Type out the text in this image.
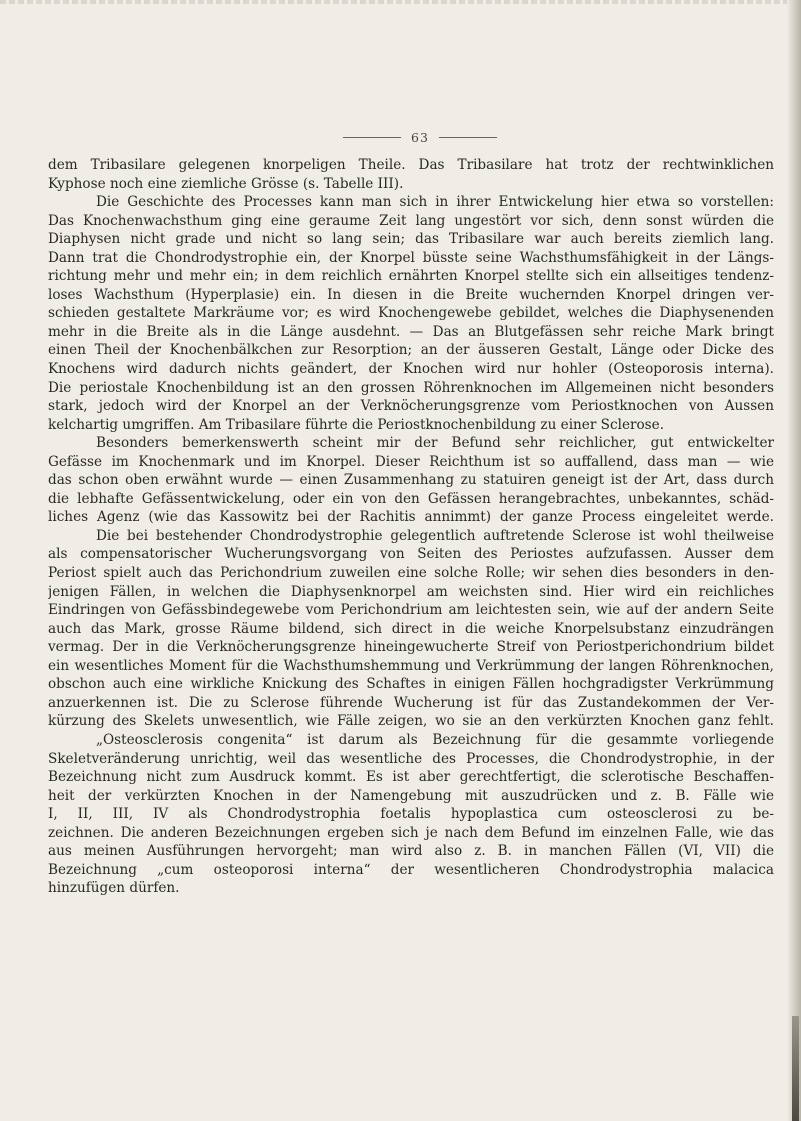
63
dem Tribasilare gelegenen knorpeligen Theile. Das Tribasilare hat trotz der rechtwinklichen
Kyphose noch eine ziemliche Grösse (s. Tabelle III).
Die Geschichte des Processes kann man sich in ihrer Entwickelung hier etwa so vorstellen:
Das Knochenwachsthum ging eine geraume Zeit lang ungestört vor sich, denn sonst würden die
Diaphysen nicht grade und nicht so lang sein; das Tribasilare war auch bereits ziemlich lang.
Dann trat die Chondrodystrophie ein, der Knorpel büsste seine Wachsthumsfähigkeit in der Längs-
richtung mehr und mehr ein; in dem reichlich ernährten Knorpel stellte sich ein allseitiges tendenz-
loses Wachsthum (Hyperplasie) ein. In diesen in die Breite wuchernden Knorpel dringen ver-
schieden gestaltete Markräume vor; es wird Knochengewebe gebildet, welches die Diaphysenenden
mehr in die Breite als in die Länge ausdehnt. — Das an Blutgefässen sehr reiche Mark bringt
einen Theil der Knochenbälkchen zur Resorption; an der äusseren Gestalt, Länge oder Dicke des
Knochens wird dadurch nichts geändert, der Knochen wird nur hohler (Osteoporosis interna).
Die periostale Knochenbildung ist an den grossen Röhrenknochen im Allgemeinen nicht besonders
stark, jedoch wird der Knorpel an der Verknöcherungsgrenze vom Periostknochen von Aussen
kelchartig umgriffen. Am Tribasilare führte die Periostknochenbildung zu einer Sclerose.
Besonders bemerkenswerth scheint mir der Befund sehr reichlicher, gut entwickelter
Gefässe im Knochenmark und im Knorpel. Dieser Reichthum ist so auffallend, dass man — wie
das schon oben erwähnt wurde — einen Zusammenhang zu statuiren geneigt ist der Art, dass durch
die lebhafte Gefässentwickelung, oder ein von den Gefässen herangebrachtes, unbekanntes, schäd-
liches Agenz (wie das Kassowitz bei der Rachitis annimmt) der ganze Process eingeleitet werde.
Die bei bestehender Chondrodystrophie gelegentlich auftretende Sclerose ist wohl theilweise
als compensatorischer Wucherungsvorgang von Seiten des Periostes aufzufassen. Ausser dem
Periost spielt auch das Perichondrium zuweilen eine solche Rolle; wir sehen dies besonders in den-
jenigen Fällen, in welchen die Diaphysenknorpel am weichsten sind. Hier wird ein reichliches
Eindringen von Gefässbindegewebe vom Perichondrium am leichtesten sein, wie auf der andern Seite
auch das Mark, grosse Räume bildend, sich direct in die weiche Knorpelsubstanz einzudrängen
vermag. Der in die Verknöcherungsgrenze hineingewucherte Streif von Periostperichondrium bildet
ein wesentliches Moment für die Wachsthumshemmung und Verkrümmung der langen Röhrenknochen,
obschon auch eine wirkliche Knickung des Schaftes in einigen Fällen hochgradigster Verkrümmung
anzuerkennen ist. Die zu Sclerose führende Wucherung ist für das Zustandekommen der Ver-
kürzung des Skelets unwesentlich, wie Fälle zeigen, wo sie an den verkürzten Knochen ganz fehlt.
„Osteosclerosis congenita“ ist darum als Bezeichnung für die gesammte vorliegende
Skeletveränderung unrichtig, weil das wesentliche des Processes, die Chondrodystrophie, in der
Bezeichnung nicht zum Ausdruck kommt. Es ist aber gerechtfertigt, die sclerotische Beschaffen-
heit der verkürzten Knochen in der Namengebung mit auszudrücken und z. B. Fälle wie
I, II, III, IV als Chondrodystrophia foetalis hypoplastica cum osteosclerosi zu be-
zeichnen. Die anderen Bezeichnungen ergeben sich je nach dem Befund im einzelnen Falle, wie das
aus meinen Ausführungen hervorgeht; man wird also z. B. in manchen Fällen (VI, VII) die
Bezeichnung „cum osteoporosi interna“ der wesentlicheren Chondrodystrophia malacica
hinzufügen dürfen.
